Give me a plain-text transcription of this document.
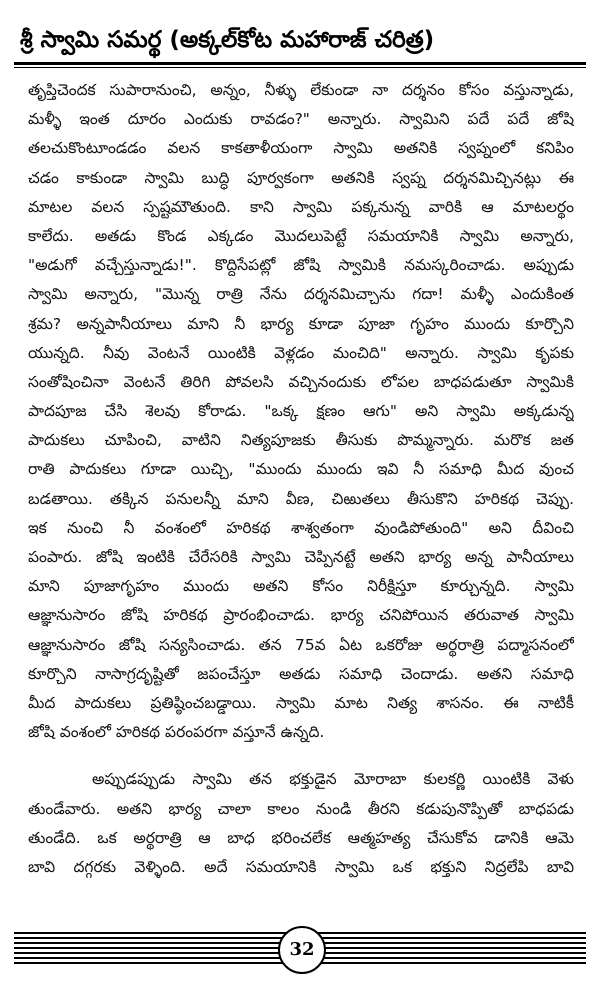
శ్రీ స్వామి సమర్థ (అక్కల్‌కోట మహారాజ్ చరిత్ర)
తృప్తిచెందక సుపారానుంచి, అన్నం, నీళ్ళు లేకుండా నా దర్శనం కోసం వస్తున్నాడు,
మళ్ళీ ఇంత దూరం ఎందుకు రావడం?" అన్నారు. స్వామిని పదే పదే జోషి
తలచుకొంటూండడం వలన కాకతాళీయంగా స్వామి అతనికి స్వప్నంలో కనిపిం
చడం కాకుండా స్వామి బుద్ధి పూర్వకంగా అతనికి స్వప్న దర్శనమిచ్చినట్లు ఈ
మాటల వలన స్పష్టమౌతుంది. కాని స్వామి పక్కనున్న వారికి ఆ మాటలర్థం
కాలేదు. అతడు కొండ ఎక్కడం మొదలుపెట్టే సమయానికి స్వామి అన్నారు,
"అడుగో వచ్చేస్తున్నాడు!". కొద్దిసేపట్లో జోషి స్వామికి నమస్కరించాడు. అప్పుడు
స్వామి అన్నారు, "మొన్న రాత్రి నేను దర్శనమిచ్చాను గదా! మళ్ళీ ఎందుకింత
శ్రమ? అన్నపానీయాలు మాని నీ భార్య కూడా పూజా గృహం ముందు కూర్చొని
యున్నది. నీవు వెంటనే యింటికి వెళ్లడం మంచిది" అన్నారు. స్వామి కృపకు
సంతోషించినా వెంటనే తిరిగి పోవలసి వచ్చినందుకు లోపల బాధపడుతూ స్వామికి
పాదపూజ చేసి శెలవు కోరాడు. "ఒక్క క్షణం ఆగు" అని స్వామి అక్కడున్న
పాదుకలు చూపించి, వాటిని నిత్యపూజకు తీసుకు పొమ్మన్నారు. మరొక జత
రాతి పాదుకలు గూడా యిచ్చి, "ముందు ముందు ఇవి నీ సమాధి మీద వుంచ
బడతాయి. తక్కిన పనులన్నీ మాని వీణ, చిఱుతలు తీసుకొని హరికథ చెప్పు.
ఇక నుంచి నీ వంశంలో హరికథ శాశ్వతంగా వుండిపోతుంది" అని దీవించి
పంపారు. జోషి ఇంటికి చేరేసరికి స్వామి చెప్పినట్టే అతని భార్య అన్న పానీయాలు
మాని పూజాగృహం ముందు అతని కోసం నిరీక్షిస్తూ కూర్చున్నది. స్వామి
ఆజ్ఞానుసారం జోషి హరికథ ప్రారంభించాడు. భార్య చనిపోయిన తరువాత స్వామి
ఆజ్ఞానుసారం జోషి సన్యసించాడు. తన 75వ ఏట ఒకరోజు అర్థరాత్రి పద్మాసనంలో
కూర్చొని నాసాగ్రదృష్టితో జపంచేస్తూ అతడు సమాధి చెందాడు. అతని సమాధి
మీద పాదుకలు ప్రతిష్ఠించబడ్డాయి. స్వామి మాట నిత్య శాసనం. ఈ నాటికీ
జోషి వంశంలో హరికథ పరంపరగా వస్తూనే ఉన్నది.
అప్పుడప్పుడు స్వామి తన భక్తుడైన మోరాబా కులకర్ణి యింటికి వెళు
తుండేవారు. అతని భార్య చాలా కాలం నుండి తీరని కడుపునొప్పితో బాధపడు
తుండేది. ఒక అర్థరాత్రి ఆ బాధ భరించలేక ఆత్మహత్య చేసుకోవ డానికి ఆమె
బావి దగ్గరకు వెళ్ళింది. అదే సమయానికి స్వామి ఒక భక్తుని నిద్రలేపి బావి
32
